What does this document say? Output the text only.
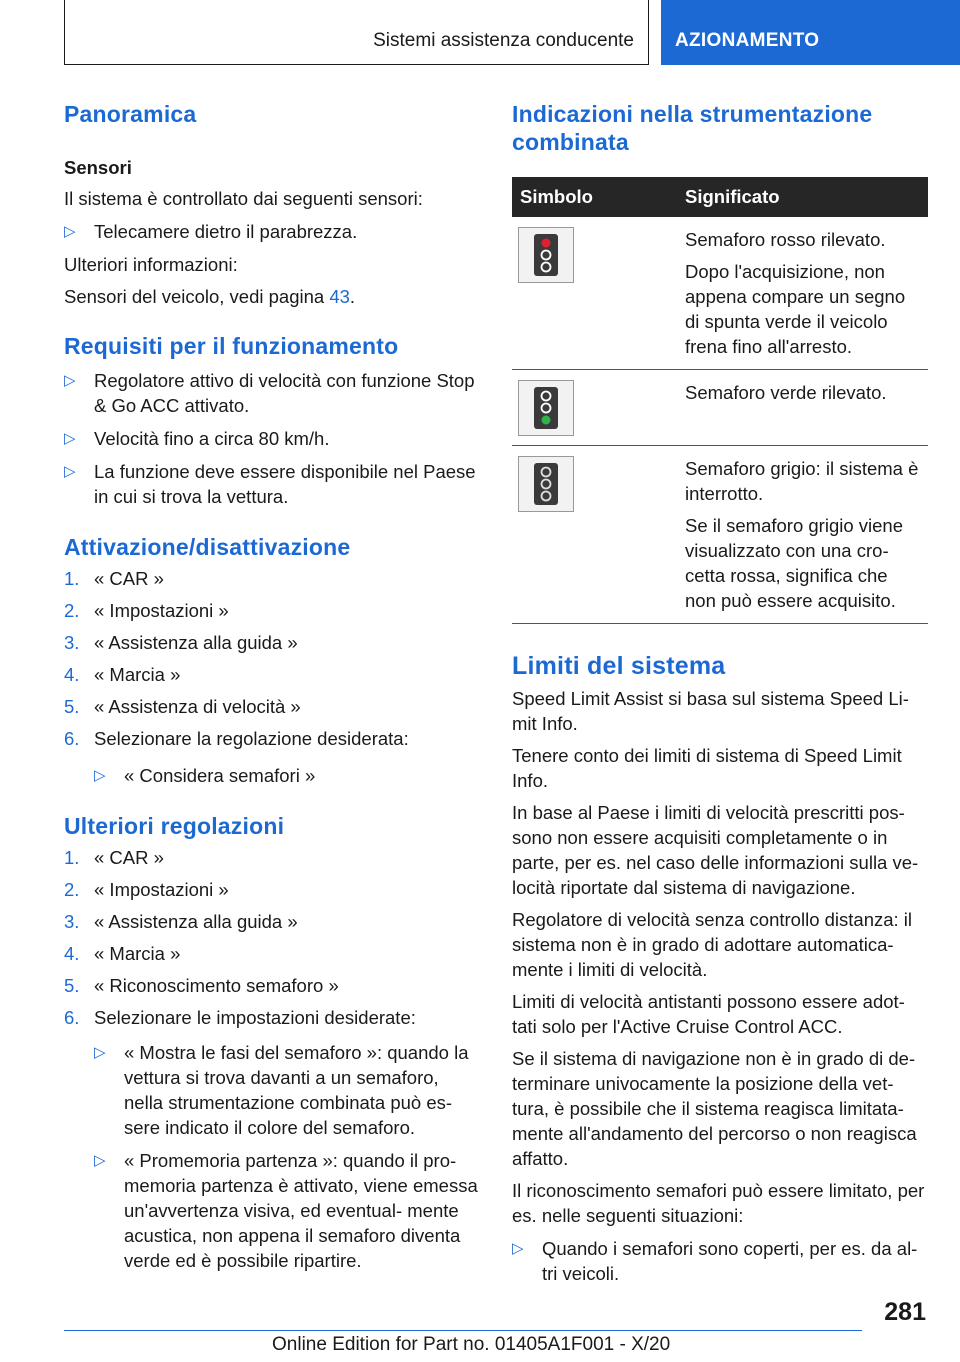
Sistemi assistenza conducente AZIONAMENTO
Panoramica
Sensori

Il sistema è controllato dai seguenti sensori:

▷ Telecamere dietro il parabrezza.

Ulteriori informazioni:

Sensori del veicolo, vedi pagina 43.

Requisiti per il funzionamento
▷ Regolatore attivo di velocità con funzione Stop & Go ACC attivato.
▷ Velocità fino a circa 80 km/h.
▷ La funzione deve essere disponibile nel Paese in cui si trova la vettura.
Attivazione/disattivazione
1. « CAR »
2. « Impostazioni »
3. « Assistenza alla guida »
4. « Marcia »
5. « Assistenza di velocità »
6. Selezionare la regolazione desiderata:
▷ « Considera semafori »
Ulteriori regolazioni
1. « CAR »
2. « Impostazioni »
3. « Assistenza alla guida »
4. « Marcia »
5. « Riconoscimento semaforo »
6. Selezionare le impostazioni desiderate:
▷ « Mostra le fasi del semaforo »: quando la vettura si trova davanti a un semaforo, nella strumentazione combinata può es‐ sere indicato il colore del semaforo.
▷ « Promemoria partenza »: quando il pro‐ memoria partenza è attivato, viene emessa un'avvertenza visiva, ed eventual‐ mente acustica, non appena il semaforo diventa verde ed è possibile ripartire.
Indicazioni nella strumentazione combinata
Simbolo	Significato

Semaforo rosso rilevato.

Dopo l'acquisizione, non appena compare un segno di spunta verde il veicolo frena fino all'arresto.

Semaforo verde rilevato.

Semaforo grigio: il sistema è interrotto.

Se il semaforo grigio viene visualizzato con una cro‐ cetta rossa, significa che non può essere acquisito.

Limiti del sistema

Speed Limit Assist si basa sul sistema Speed Li‐ mit Info.

Tenere conto dei limiti di sistema di Speed Limit Info.

In base al Paese i limiti di velocità prescritti pos‐ sono non essere acquisiti completamente o in parte, per es. nel caso delle informazioni sulla ve‐ locità riportate dal sistema di navigazione.

Regolatore di velocità senza controllo distanza: il sistema non è in grado di adottare automatica‐ mente i limiti di velocità.

Limiti di velocità antistanti possono essere adot‐ tati solo per l'Active Cruise Control ACC.

Se il sistema di navigazione non è in grado di de‐ terminare univocamente la posizione della vet‐ tura, è possibile che il sistema reagisca limitata‐ mente all'andamento del percorso o non reagisca affatto.

Il riconoscimento semafori può essere limitato, per es. nelle seguenti situazioni:

▷ Quando i semafori sono coperti, per es. da al‐ tri veicoli.
281
Online Edition for Part no. 01405A1F001 - X/20
